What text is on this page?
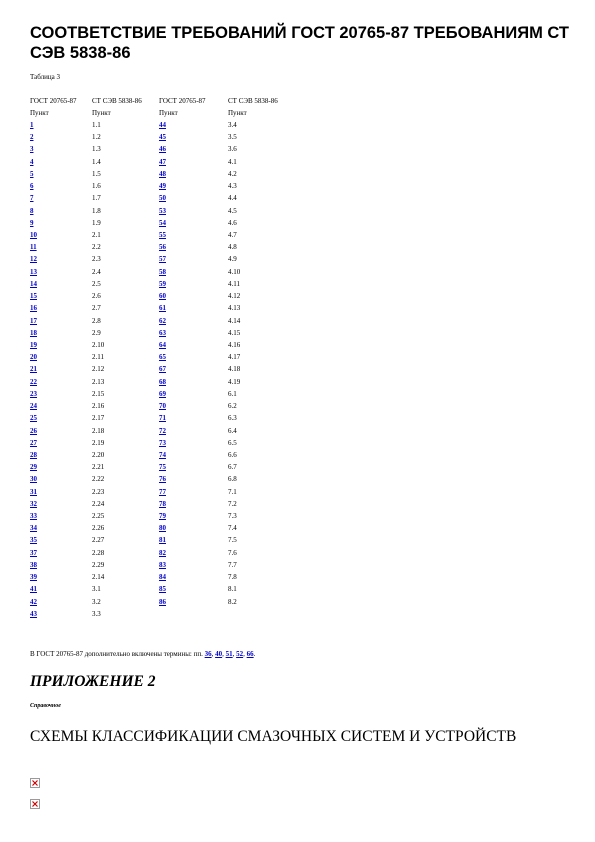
СООТВЕТСТВИЕ ТРЕБОВАНИЙ ГОСТ 20765-87 ТРЕБОВАНИЯМ СТ СЭВ 5838-86
Таблица 3
ГОСТ 20765-87	СТ СЭВ 5838-86	ГОСТ 20765-87	СТ СЭВ 5838-86
Пункт	Пункт	Пункт	Пункт
1	1.1	44	3.4
2	1.2	45	3.5
3	1.3	46	3.6
4	1.4	47	4.1
5	1.5	48	4.2
6	1.6	49	4.3
7	1.7	50	4.4
8	1.8	53	4.5
9	1.9	54	4.6
10	2.1	55	4.7
11	2.2	56	4.8
12	2.3	57	4.9
13	2.4	58	4.10
14	2.5	59	4.11
15	2.6	60	4.12
16	2.7	61	4.13
17	2.8	62	4.14
18	2.9	63	4.15
19	2.10	64	4.16
20	2.11	65	4.17
21	2.12	67	4.18
22	2.13	68	4.19
23	2.15	69	6.1
24	2.16	70	6.2
25	2.17	71	6.3
26	2.18	72	6.4
27	2.19	73	6.5
28	2.20	74	6.6
29	2.21	75	6.7
30	2.22	76	6.8
31	2.23	77	7.1
32	2.24	78	7.2
33	2.25	79	7.3
34	2.26	80	7.4
35	2.27	81	7.5
37	2.28	82	7.6
38	2.29	83	7.7
39	2.14	84	7.8
41	3.1	85	8.1
42	3.2	86	8.2
43	3.3		
В ГОСТ 20765-87 дополнительно включены термины: пп. 36, 40, 51, 52, 66.
ПРИЛОЖЕНИЕ 2
Справочное
СХЕМЫ КЛАССИФИКАЦИИ СМАЗОЧНЫХ СИСТЕМ И УСТРОЙСТВ
